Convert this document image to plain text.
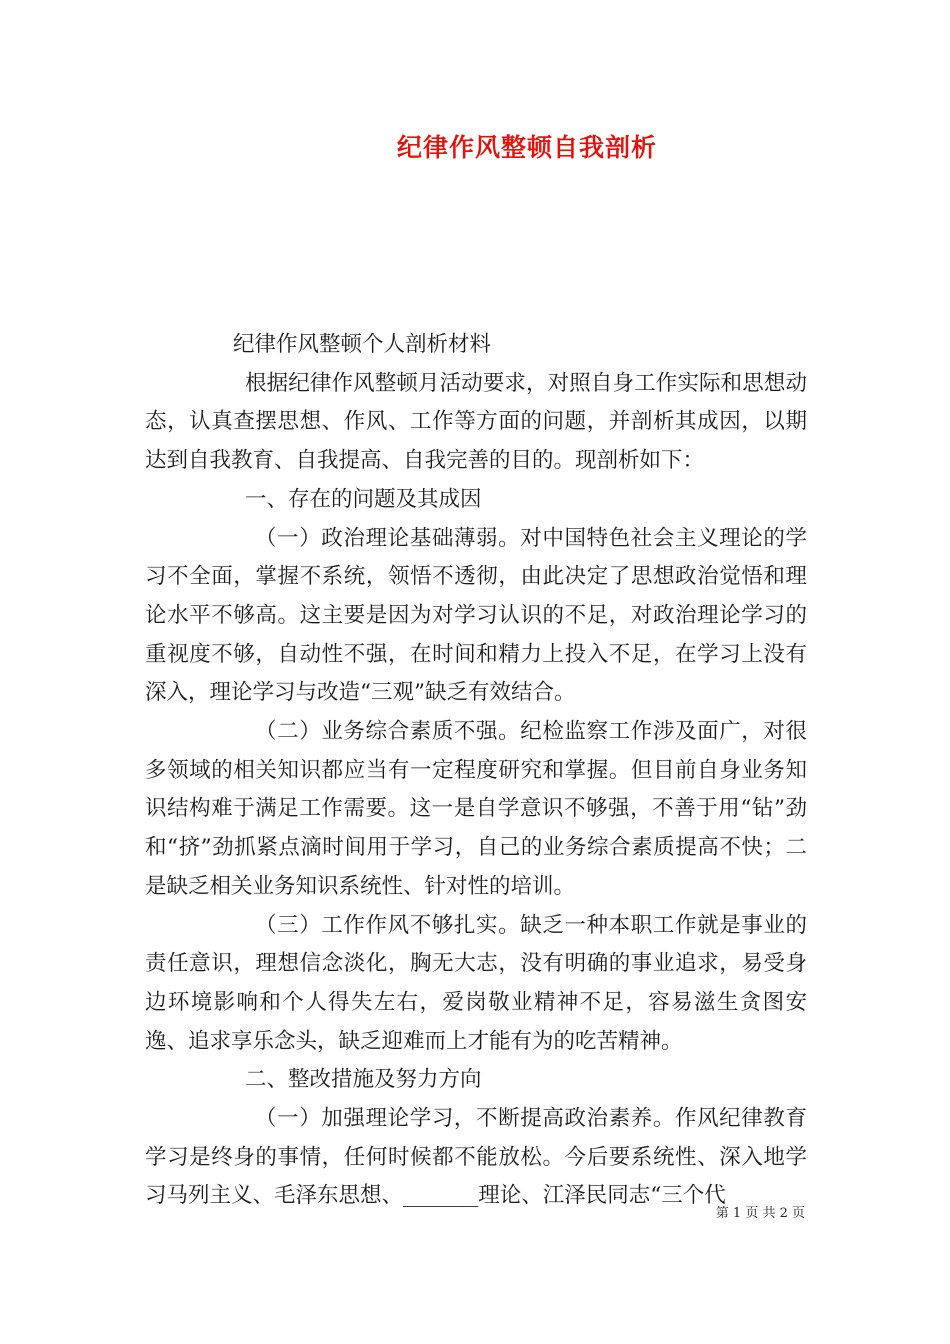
纪律作风整顿自我剖析

纪律作风整顿个人剖析材料

根据纪律作风整顿月活动要求，对照自身工作实际和思想动态，认真查摆思想、作风、工作等方面的问题，并剖析其成因，以期达到自我教育、自我提高、自我完善的目的。现剖析如下：

一、存在的问题及其成因

（一）政治理论基础薄弱。对中国特色社会主义理论的学习不全面，掌握不系统，领悟不透彻，由此决定了思想政治觉悟和理论水平不够高。这主要是因为对学习认识的不足，对政治理论学习的重视度不够，自动性不强，在时间和精力上投入不足，在学习上没有深入，理论学习与改造“三观”缺乏有效结合。

（二）业务综合素质不强。纪检监察工作涉及面广，对很多领域的相关知识都应当有一定程度研究和掌握。但目前自身业务知识结构难于满足工作需要。这一是自学意识不够强，不善于用“钻”劲和“挤”劲抓紧点滴时间用于学习，自己的业务综合素质提高不快；二是缺乏相关业务知识系统性、针对性的培训。

（三）工作作风不够扎实。缺乏一种本职工作就是事业的责任意识，理想信念淡化，胸无大志，没有明确的事业追求，易受身边环境影响和个人得失左右，爱岗敬业精神不足，容易滋生贪图安逸、追求享乐念头，缺乏迎难而上才能有为的吃苦精神。

二、整改措施及努力方向

（一）加强理论学习，不断提高政治素养。作风纪律教育学习是终身的事情，任何时候都不能放松。今后要系统性、深入地学习马列主义、毛泽东思想、_______理论、江泽民同志“三个代

第 1 页 共 2 页
